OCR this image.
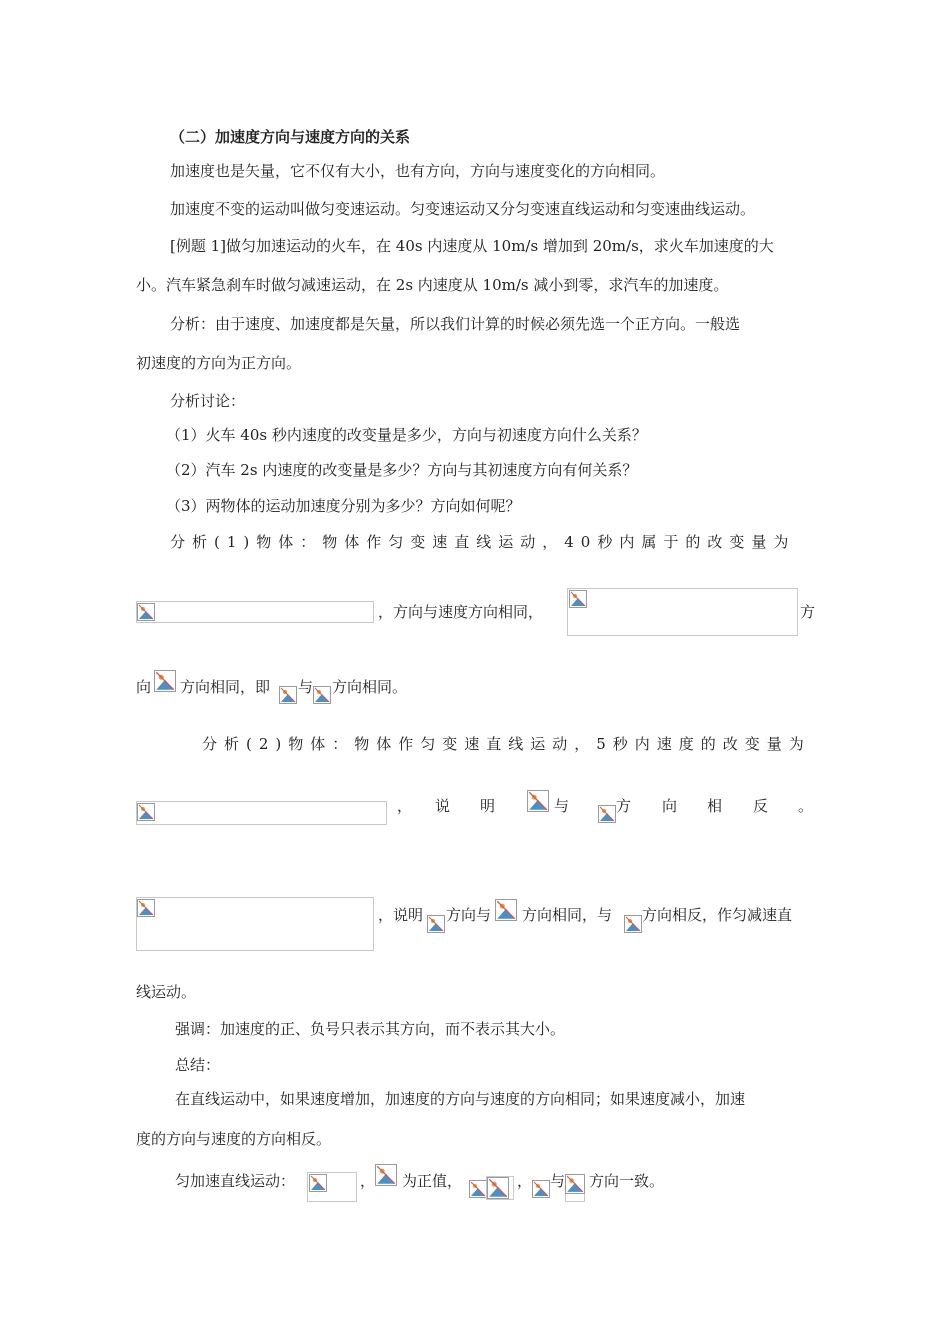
（二）加速度方向与速度方向的关系
加速度也是矢量，它不仅有大小，也有方向，方向与速度变化的方向相同。
加速度不变的运动叫做匀变速运动。匀变速运动又分匀变速直线运动和匀变速曲线运动。
[例题 1]做匀加速运动的火车，在 40s 内速度从 10m/s 增加到 20m/s，求火车加速度的大
小。汽车紧急刹车时做匀减速运动，在 2s 内速度从 10m/s 减小到零，求汽车的加速度。
分析：由于速度、加速度都是矢量，所以我们计算的时候必须先选一个正方向。一般选
初速度的方向为正方向。
分析讨论：
（1）火车 40s 秒内速度的改变量是多少，方向与初速度方向什么关系？
（2）汽车 2s 内速度的改变量是多少？方向与其初速度方向有何关系？
（3）两物体的运动加速度分别为多少？方向如何呢？
分析(1)物体：物体作匀变速直线运动，40秒内属于的改变量为
，方向与速度方向相同，	方
向 方向相同，即 与 方向相同。
分析(2)物体：物体作匀变速直线运动，5秒内速度的改变量为
， 说 明	与	方 向 相 反 。
，说明 方向与 方向相同，与 方向相反，作匀减速直
线运动。
强调：加速度的正、负号只表示其方向，而不表示其大小。
总结：
在直线运动中，如果速度增加，加速度的方向与速度的方向相同；如果速度减小，加速
度的方向与速度的方向相反。
匀加速直线运动：	， 为正值，	， 与 方向一致。
